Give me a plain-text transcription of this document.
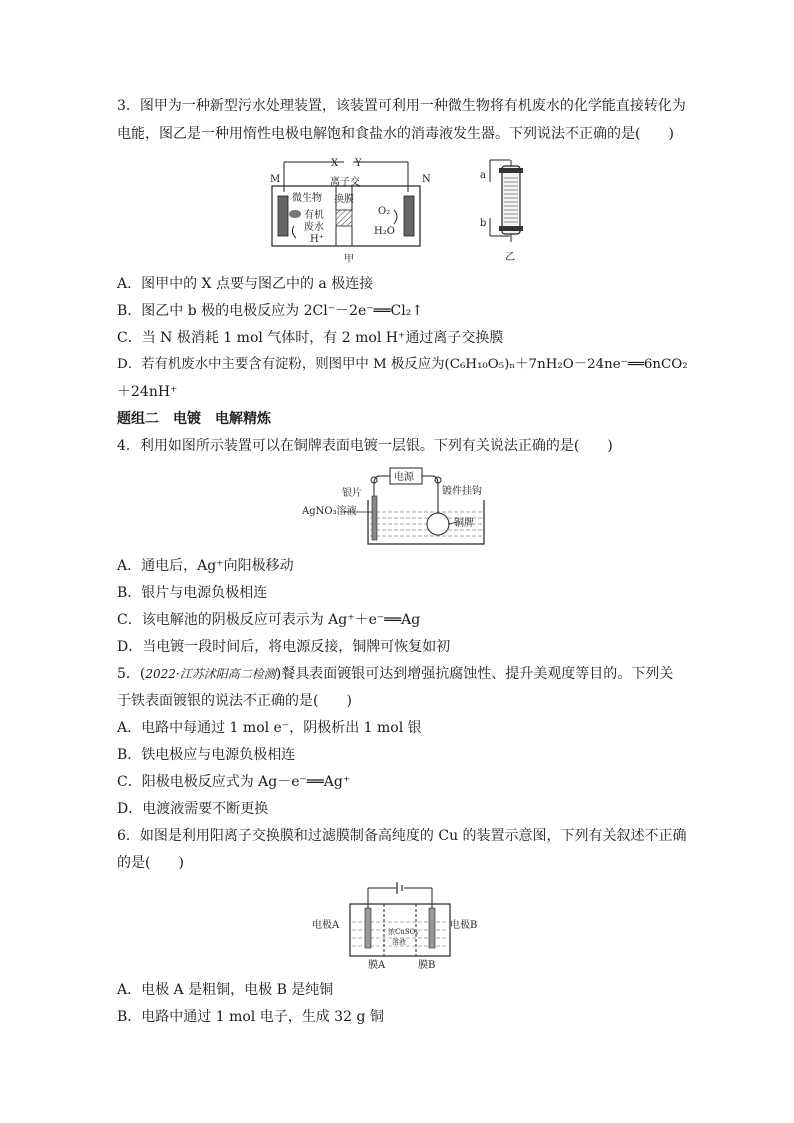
3．图甲为一种新型污水处理装置，该装置可利用一种微生物将有机废水的化学能直接转化为
电能，图乙是一种用惰性电极电解饱和食盐水的消毒液发生器。下列说法不正确的是(　　)
X Y
M	N
离子交
换膜
微生物
有机
废水
H⁺
O₂
H₂O
甲
a
b
乙
A．图甲中的 X 点要与图乙中的 a 极连接
B．图乙中 b 极的电极反应为 2Cl⁻－2e⁻══Cl₂↑
C．当 N 极消耗 1 mol 气体时，有 2 mol H⁺通过离子交换膜
D．若有机废水中主要含有淀粉，则图甲中 M 极反应为(C₆H₁₀O₅)ₙ＋7nH₂O－24ne⁻══6nCO₂
＋24nH⁺
题组二　电镀　电解精炼
4．利用如图所示装置可以在铜牌表面电镀一层银。下列有关说法正确的是(　　)
电源
银片	镀件挂钩
AgNO₃溶液
铜牌
A．通电后，Ag⁺向阳极移动
B．银片与电源负极相连
C．该电解池的阴极反应可表示为 Ag⁺＋e⁻══Ag
D．当电镀一段时间后，将电源反接，铜牌可恢复如初
5．(2022·江苏沭阳高二检测)餐具表面镀银可达到增强抗腐蚀性、提升美观度等目的。下列关
于铁表面镀银的说法不正确的是(　　)
A．电路中每通过 1 mol e⁻，阴极析出 1 mol 银
B．铁电极应与电源负极相连
C．阳极电极反应式为 Ag－e⁻══Ag⁺
D．电渡液需要不断更换
6．如图是利用阳离子交换膜和过滤膜制备高纯度的 Cu 的装置示意图，下列有关叙述不正确
的是(　　)
电极A	电极B
浓CuSO₄
溶液
膜A	膜B
A．电极 A 是粗铜，电极 B 是纯铜
B．电路中通过 1 mol 电子，生成 32 g 铜
